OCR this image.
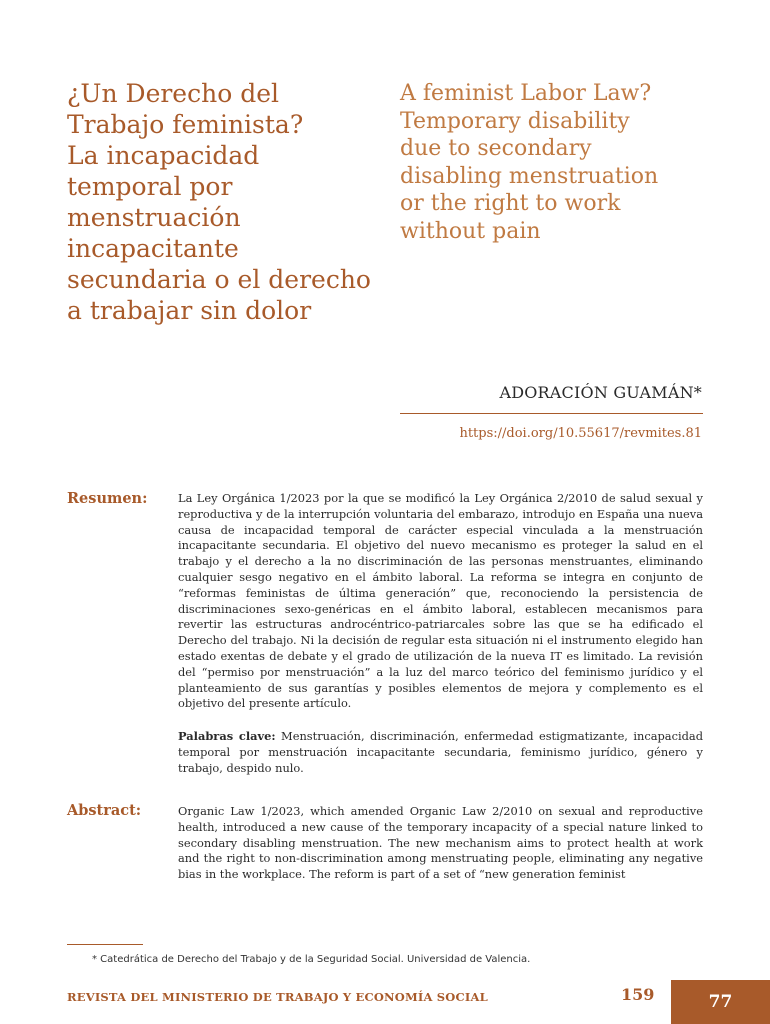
¿Un Derecho del
Trabajo feminista?
La incapacidad
temporal por
menstruación
incapacitante
secundaria o el derecho
a trabajar sin dolor
A feminist Labor Law?
Temporary disability
due to secondary
disabling menstruation
or the right to work
without pain
ADORACIÓN GUAMÁN*
https://doi.org/10.55617/revmites.81

Resumen:	La Ley Orgánica 1/2023 por la que se modificó la Ley Orgánica 2/2010 de salud sexual y reproductiva y de la interrupción voluntaria del embarazo, introdujo en España una nueva causa de incapacidad temporal de carácter especial vinculada a la menstruación incapacitante secundaria. El objetivo del nuevo mecanismo es proteger la salud en el trabajo y el derecho a la no discriminación de las personas menstruantes, eliminando cualquier sesgo negativo en el ámbito laboral. La reforma se integra en conjunto de “reformas feministas de última generación” que, reconociendo la persistencia de discriminaciones sexo-genéricas en el ámbito laboral, establecen mecanismos para revertir las estructuras androcéntrico-patriarcales sobre las que se ha edificado el Derecho del trabajo. Ni la decisión de regular esta situación ni el instrumento elegido han estado exentas de debate y el grado de utilización de la nueva IT es limitado. La revisión del “permiso por menstruación” a la luz del marco teórico del feminismo jurídico y el planteamiento de sus garantías y posibles elementos de mejora y complemento es el objetivo del presente artículo.

Palabras clave: Menstruación, discriminación, enfermedad estigmatizante, incapacidad temporal por menstruación incapacitante secundaria, feminismo jurídico, género y trabajo, despido nulo.

Abstract:	Organic Law 1/2023, which amended Organic Law 2/2010 on sexual and reproductive health, introduced a new cause of the temporary incapacity of a special nature linked to secondary disabling menstruation. The new mechanism aims to protect health at work and the right to non-discrimination among menstruating people, eliminating any negative bias in the workplace. The reform is part of a set of “new generation feminist

* Catedrática de Derecho del Trabajo y de la Seguridad Social. Universidad de Valencia.

REVISTA DEL MINISTERIO DE TRABAJO Y ECONOMÍA SOCIAL	159	77
